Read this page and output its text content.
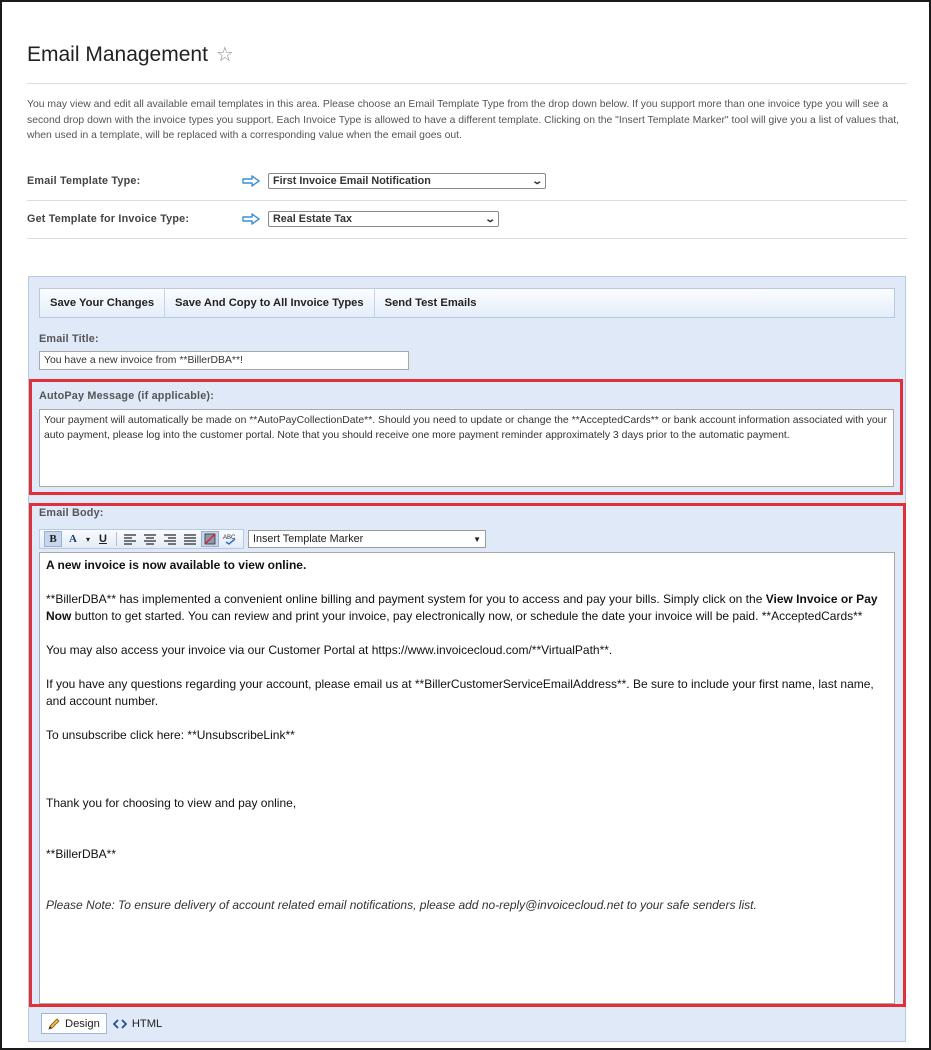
Email Management ☆
You may view and edit all available email templates in this area. Please choose an Email Template Type from the drop down below. If you support more than one invoice type you will see a second drop down with the invoice types you support. Each Invoice Type is allowed to have a different template. Clicking on the "Insert Template Marker" tool will give you a list of values that, when used in a template, will be replaced with a corresponding value when the email goes out.
Email Template Type:	First Invoice Email Notification	⌄
Get Template for Invoice Type:	Real Estate Tax	⌄
Save Your Changes	Save And Copy to All Invoice Types	Send Test Emails
Email Title:
You have a new invoice from **BillerDBA**!
AutoPay Message (if applicable):
Your payment will automatically be made on **AutoPayCollectionDate**. Should you need to update or change the **AcceptedCards** or bank account information associated with your auto payment, please log into the customer portal. Note that you should receive one more payment reminder approximately 3 days prior to the automatic payment.
Email Body:
B	A	▾ U	ABC Insert Template Marker	▼

A new invoice is now available to view online.

**BillerDBA** has implemented a convenient online billing and payment system for you to access and pay your bills. Simply click on the View Invoice or Pay Now button to get started. You can review and print your invoice, pay electronically now, or schedule the date your invoice will be paid. **AcceptedCards**

You may also access your invoice via our Customer Portal at https://www.invoicecloud.com/**VirtualPath**.

If you have any questions regarding your account, please email us at **BillerCustomerServiceEmailAddress**. Be sure to include your first name, last name, and account number.

To unsubscribe click here: **UnsubscribeLink**

Thank you for choosing to view and pay online,

**BillerDBA**

Please Note: To ensure delivery of account related email notifications, please add no-reply@invoicecloud.net to your safe senders list.

Design	HTML
